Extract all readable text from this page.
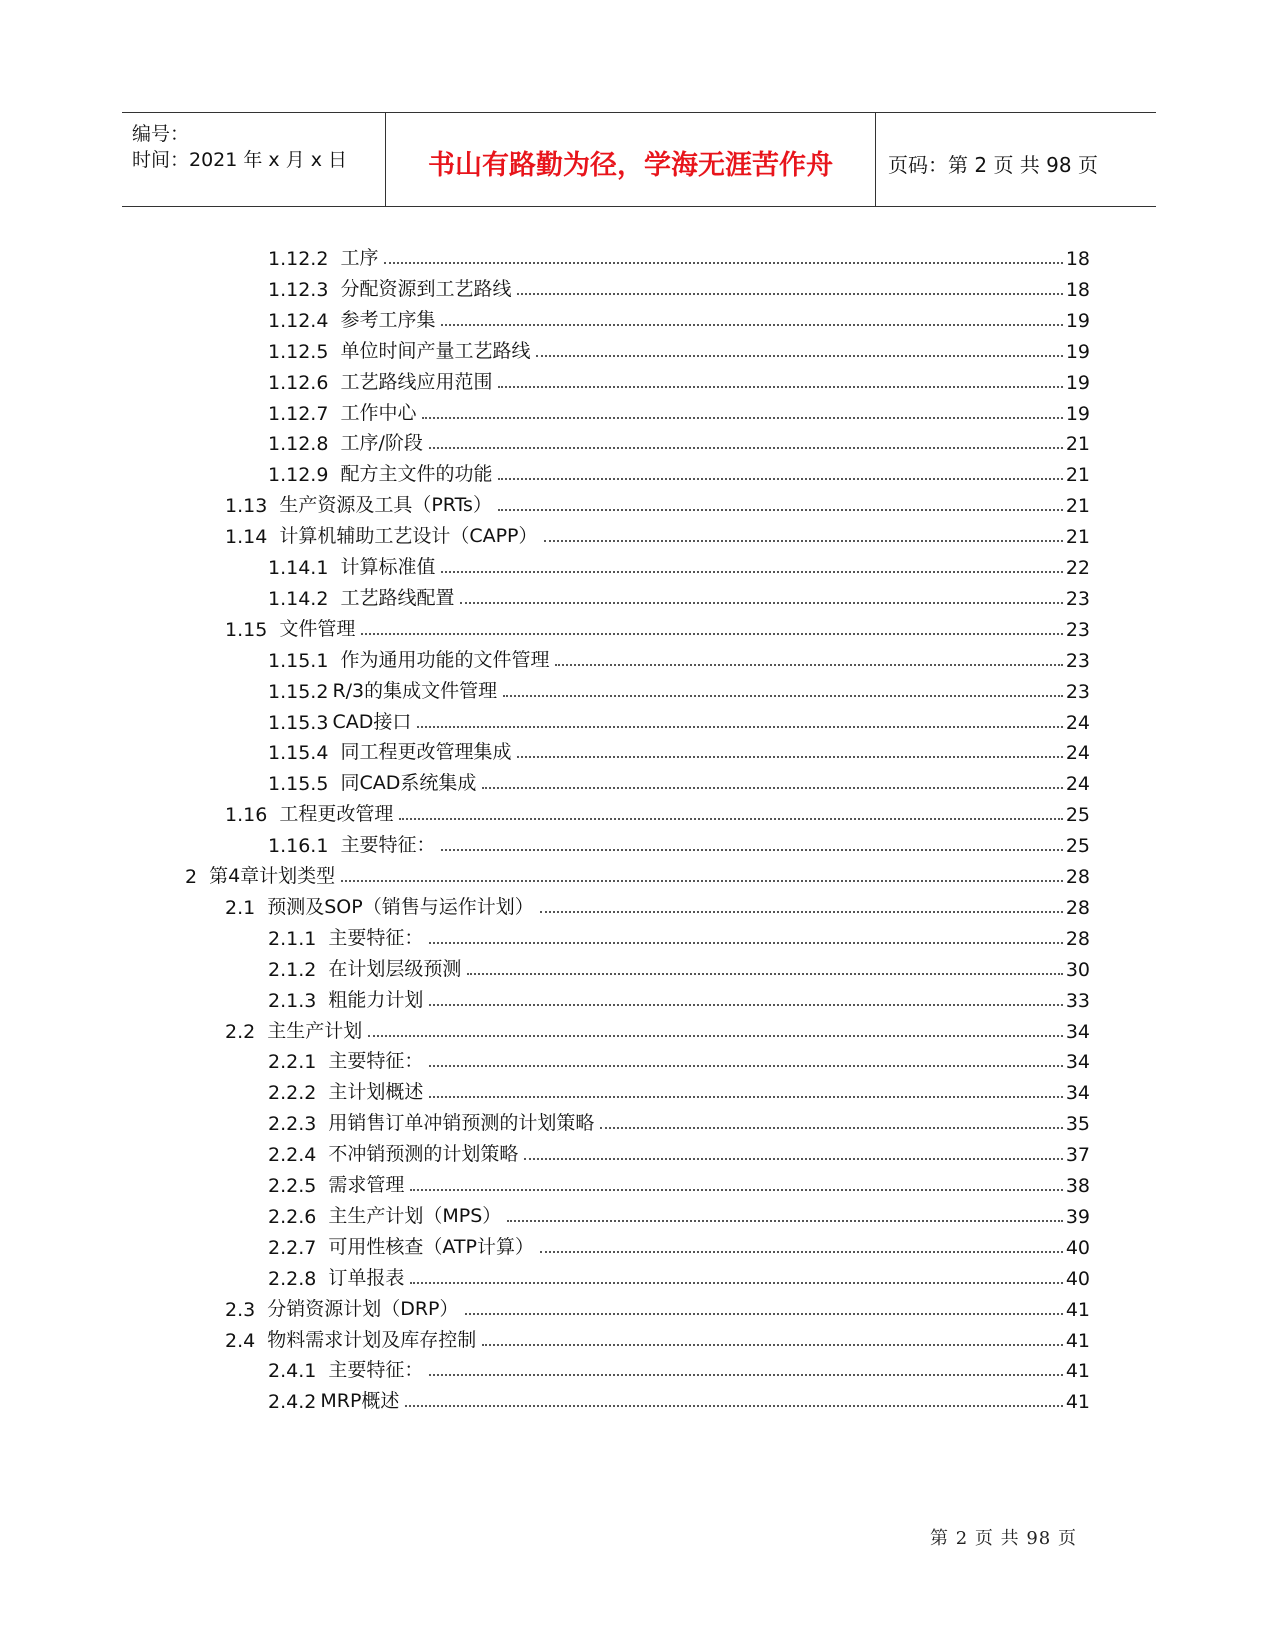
编号：
时间：2021 年 x 月 x 日	书山有路勤为径，学海无涯苦作舟	页码：第 2 页 共 98 页
1.12.2 工序	18
1.12.3 分配资源到工艺路线	18
1.12.4 参考工序集	19
1.12.5 单位时间产量工艺路线	19
1.12.6 工艺路线应用范围	19
1.12.7 工作中心	19
1.12.8 工序/阶段	21
1.12.9 配方主文件的功能	21
1.13 生产资源及工具（PRTs）	21
1.14 计算机辅助工艺设计（CAPP）	21
1.14.1 计算标准值	22
1.14.2 工艺路线配置	23
1.15 文件管理	23
1.15.1 作为通用功能的文件管理	23
1.15.2 R/3的集成文件管理	23
1.15.3 CAD接口	24
1.15.4 同工程更改管理集成	24
1.15.5 同CAD系统集成	24
1.16 工程更改管理	25
1.16.1 主要特征：	25
2 第4章计划类型	28
2.1 预测及SOP（销售与运作计划）	28
2.1.1 主要特征：	28
2.1.2 在计划层级预测	30
2.1.3 粗能力计划	33
2.2 主生产计划	34
2.2.1 主要特征：	34
2.2.2 主计划概述	34
2.2.3 用销售订单冲销预测的计划策略	35
2.2.4 不冲销预测的计划策略	37
2.2.5 需求管理	38
2.2.6 主生产计划（MPS）	39
2.2.7 可用性核查（ATP计算）	40
2.2.8 订单报表	40
2.3 分销资源计划（DRP）	41
2.4 物料需求计划及库存控制	41
2.4.1 主要特征：	41
2.4.2 MRP概述	41
第 2 页 共 98 页
